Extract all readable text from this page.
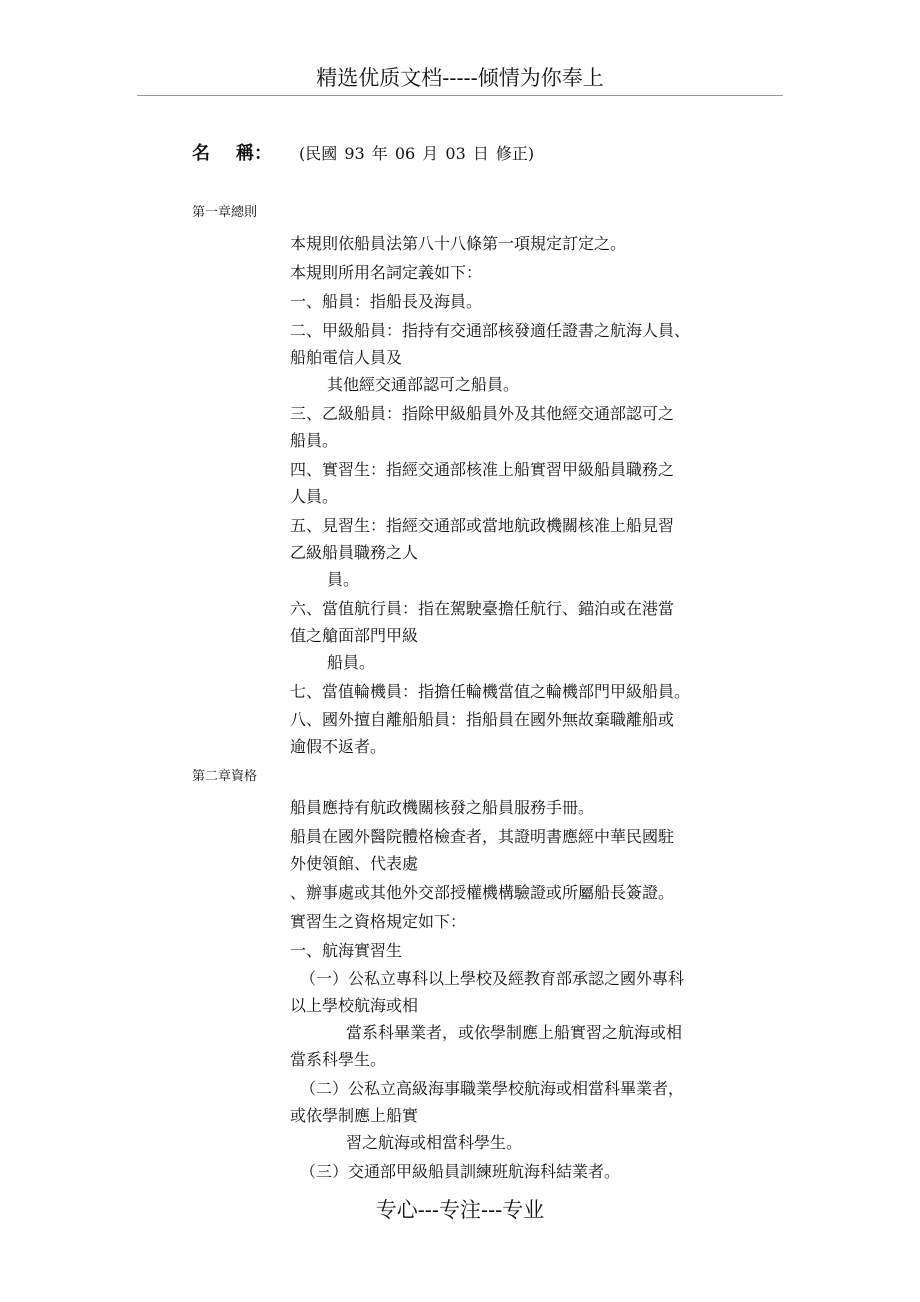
精选优质文档-----倾情为你奉上
名 稱： (民國 93 年 06 月 03 日 修正)
第一章總則
本規則依船員法第八十八條第一項規定訂定之。
本規則所用名詞定義如下：
一、船員：指船長及海員。
二、甲級船員：指持有交通部核發適任證書之航海人員、
船舶電信人員及
其他經交通部認可之船員。
三、乙級船員：指除甲級船員外及其他經交通部認可之
船員。
四、實習生：指經交通部核准上船實習甲級船員職務之
人員。
五、見習生：指經交通部或當地航政機關核准上船見習
乙級船員職務之人
員。
六、當值航行員：指在駕駛臺擔任航行、錨泊或在港當
值之艙面部門甲級
船員。
七、當值輪機員：指擔任輪機當值之輪機部門甲級船員。
八、國外擅自離船船員：指船員在國外無故棄職離船或
逾假不返者。
第二章資格
船員應持有航政機關核發之船員服務手冊。
船員在國外醫院體格檢查者，其證明書應經中華民國駐
外使領館、代表處
、辦事處或其他外交部授權機構驗證或所屬船長簽證。
實習生之資格規定如下：
一、航海實習生
（一）公私立專科以上學校及經教育部承認之國外專科
以上學校航海或相
當系科畢業者，或依學制應上船實習之航海或相
當系科學生。
（二）公私立高級海事職業學校航海或相當科畢業者，
或依學制應上船實
習之航海或相當科學生。
（三）交通部甲級船員訓練班航海科結業者。
专心---专注---专业
